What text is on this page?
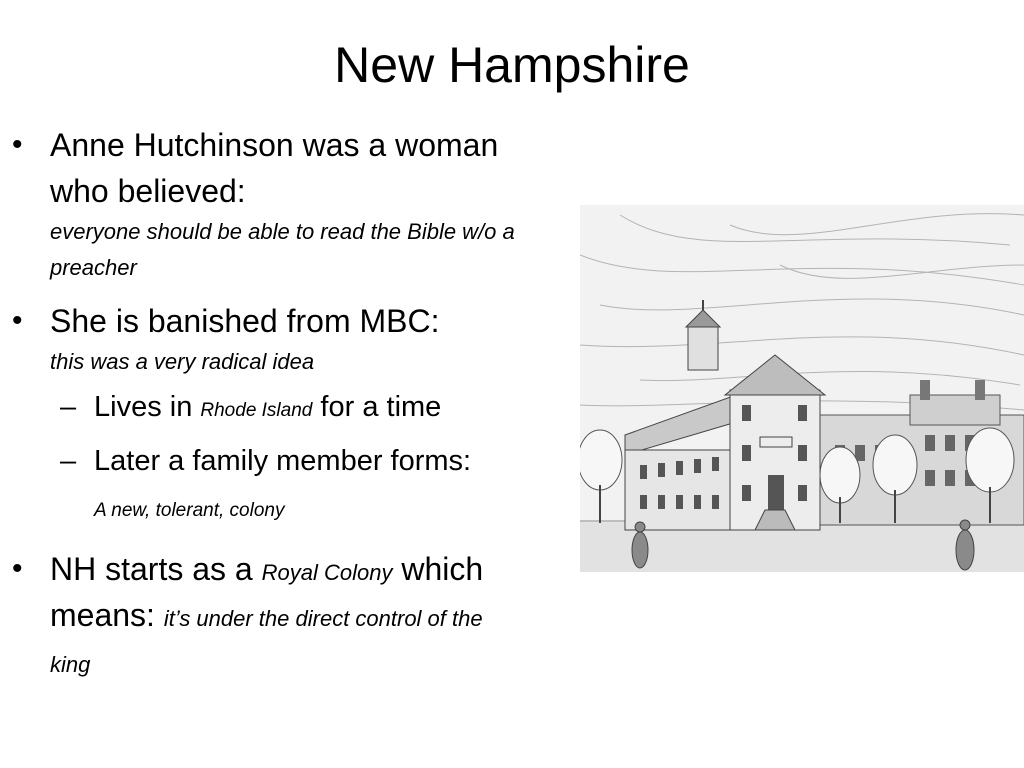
New Hampshire
• Anne Hutchinson was a woman who believed:
everyone should be able to read the Bible w/o a preacher
• She is banished from MBC:
this was a very radical idea
– Lives in Rhode Island for a time
– Later a family member forms: A new, tolerant, colony
• NH starts as a Royal Colony which means: it’s under the direct control of the king
